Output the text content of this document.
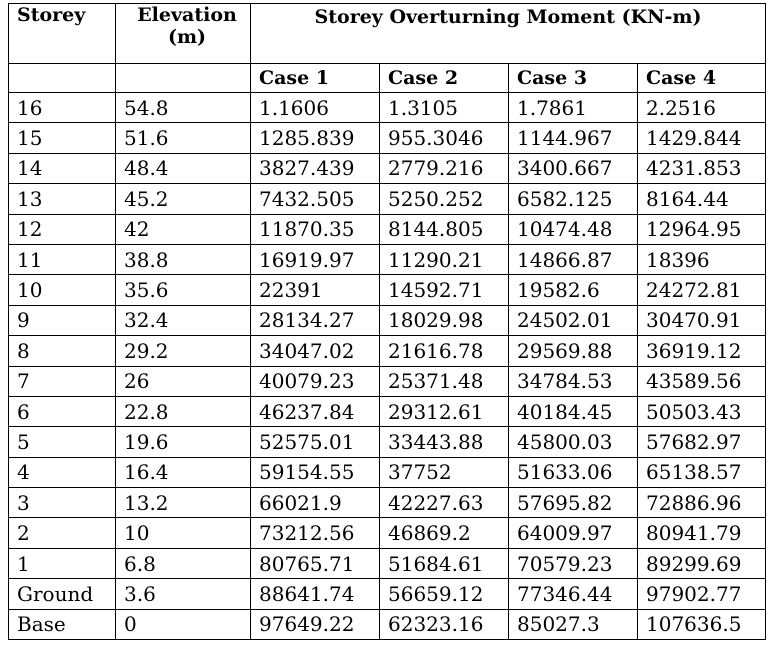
Storey	Elevation (m)	Storey Overturning Moment (KN-m)			
		Case 1	Case 2	Case 3	Case 4
16	54.8	1.1606	1.3105	1.7861	2.2516
15	51.6	1285.839	955.3046	1144.967	1429.844
14	48.4	3827.439	2779.216	3400.667	4231.853
13	45.2	7432.505	5250.252	6582.125	8164.44
12	42	11870.35	8144.805	10474.48	12964.95
11	38.8	16919.97	11290.21	14866.87	18396
10	35.6	22391	14592.71	19582.6	24272.81
9	32.4	28134.27	18029.98	24502.01	30470.91
8	29.2	34047.02	21616.78	29569.88	36919.12
7	26	40079.23	25371.48	34784.53	43589.56
6	22.8	46237.84	29312.61	40184.45	50503.43
5	19.6	52575.01	33443.88	45800.03	57682.97
4	16.4	59154.55	37752	51633.06	65138.57
3	13.2	66021.9	42227.63	57695.82	72886.96
2	10	73212.56	46869.2	64009.97	80941.79
1	6.8	80765.71	51684.61	70579.23	89299.69
Ground	3.6	88641.74	56659.12	77346.44	97902.77
Base	0	97649.22	62323.16	85027.3	107636.5
